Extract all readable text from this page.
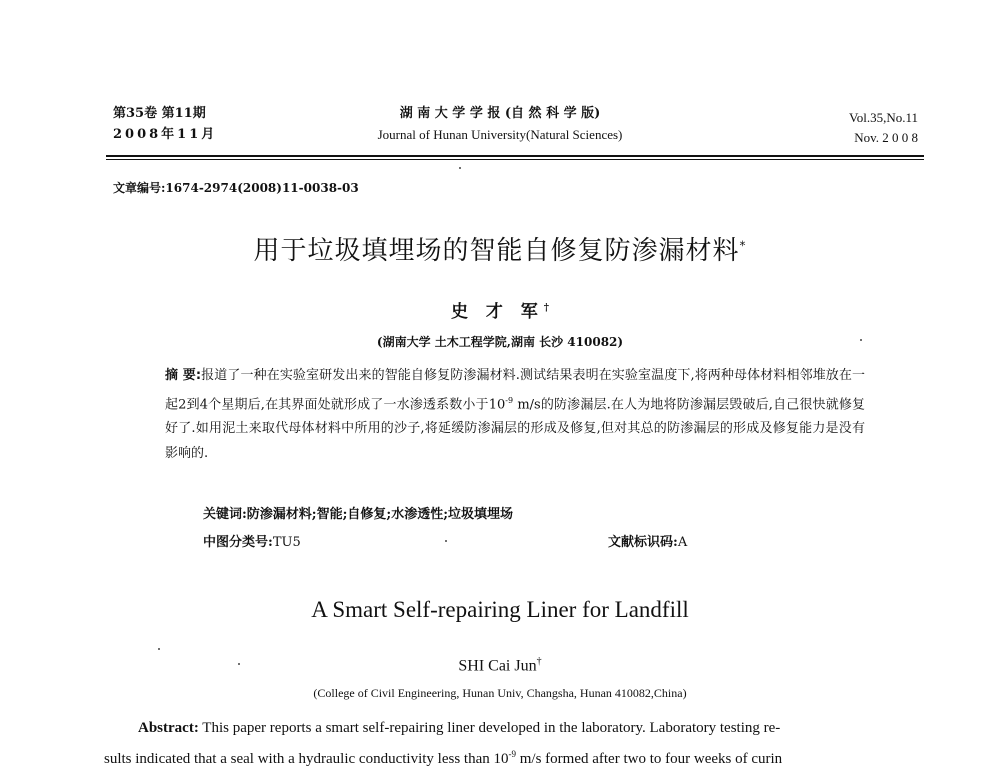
第35卷 第11期
2008年11月
湖 南 大 学 学 报 (自 然 科 学 版)
Journal of Hunan University(Natural Sciences)
Vol.35,No.11
Nov. 2 0 0 8
文章编号:1674-2974(2008)11-0038-03
用于垃圾填埋场的智能自修复防渗漏材料*
史 才 军†
(湖南大学 土木工程学院,湖南 长沙 410082)
摘 要:报道了一种在实验室研发出来的智能自修复防渗漏材料.测试结果表明在实验室温度下,将两种母体材料相邻堆放在一起2到4个星期后,在其界面处就形成了一水渗透系数小于$10^{-9}$ m/s的防渗漏层.在人为地将防渗漏层毁破后,自己很快就修复好了.如用泥土来取代母体材料中所用的沙子,将延缓防渗漏层的形成及修复,但对其总的防渗漏层的形成及修复能力是没有影响的.
关键词:防渗漏材料;智能;自修复;水渗透性;垃圾填埋场
中图分类号:TU5	文献标识码:A
A Smart Self-repairing Liner for Landfill
SHI Cai Jun†
(College of Civil Engineering, Hunan Univ, Changsha, Hunan 410082,China)
Abstract: This paper reports a smart self-repairing liner developed in the laboratory. Laboratory testing re-
sults indicated that a seal with a hydraulic conductivity less than $10^{-9}$ m/s formed after two to four weeks of curin
